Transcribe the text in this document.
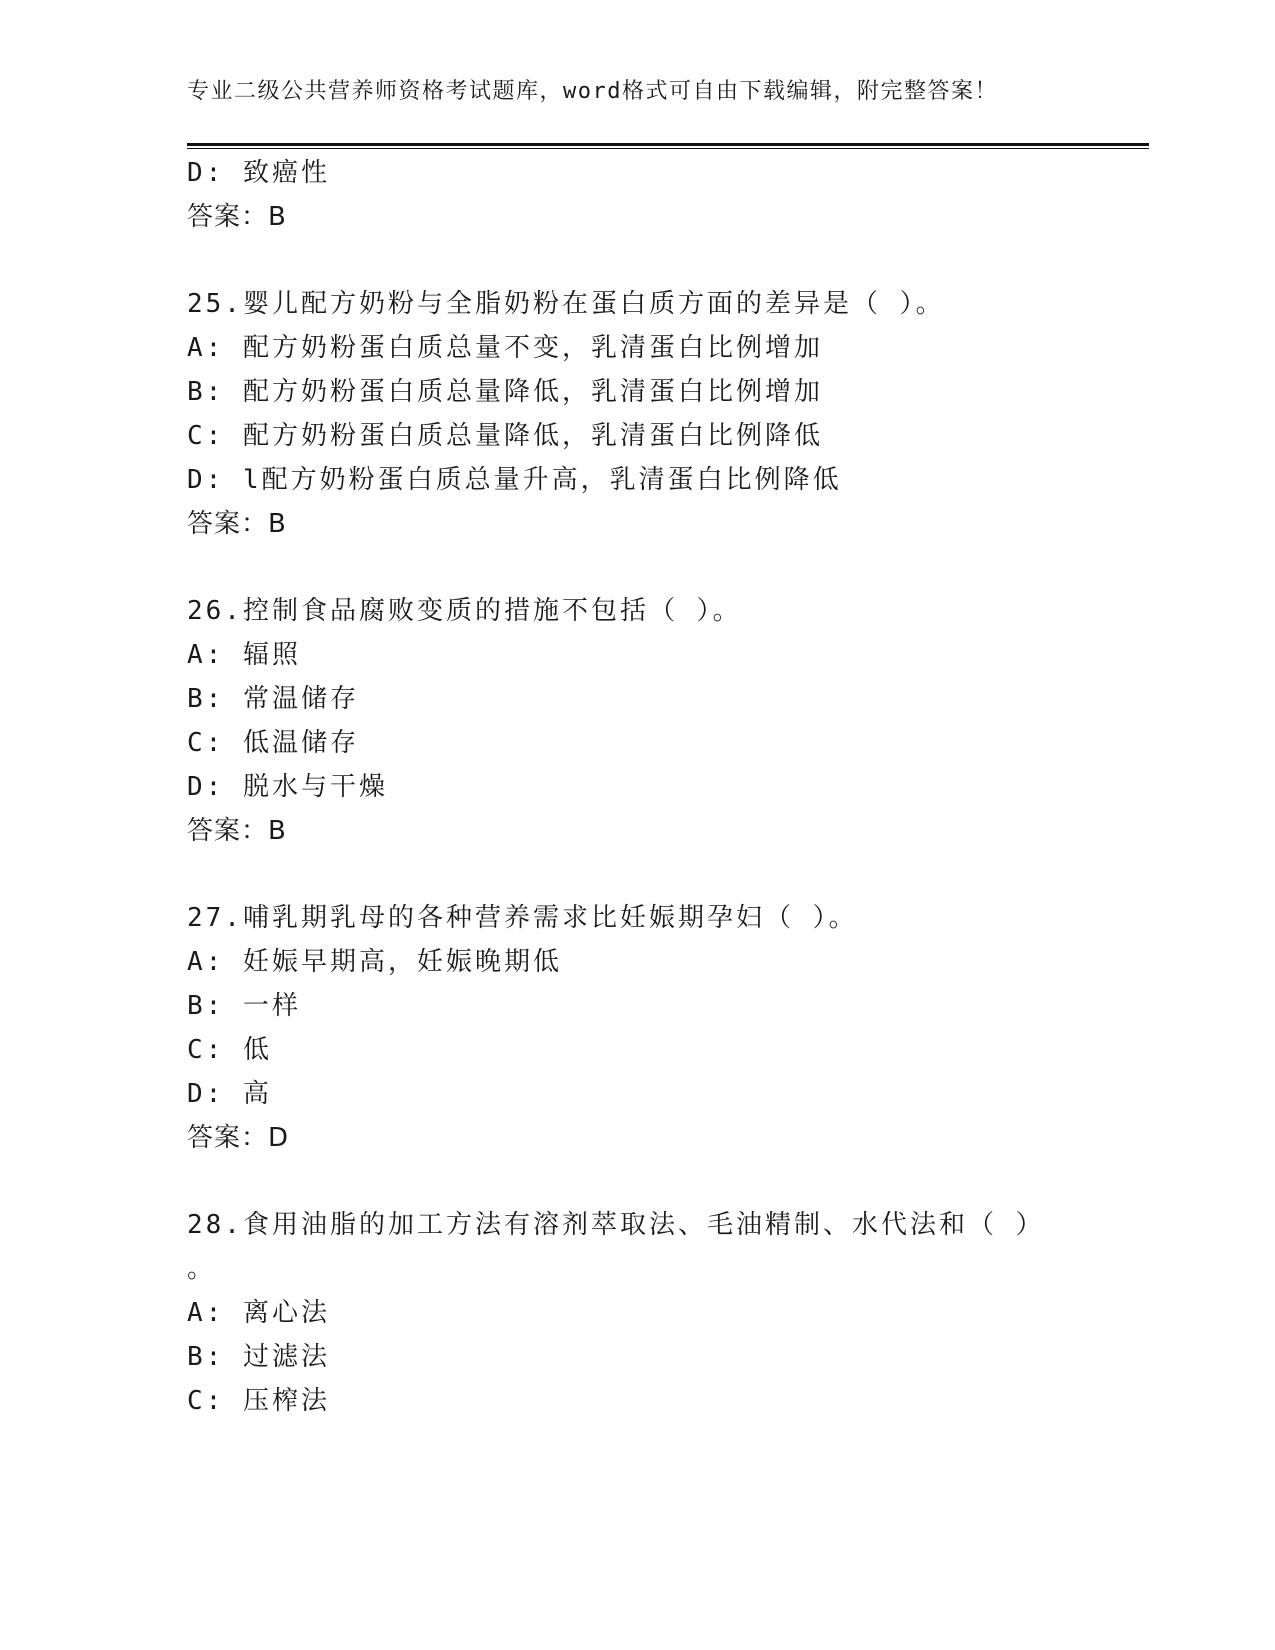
专业二级公共营养师资格考试题库，word格式可自由下载编辑，附完整答案！
D: 致癌性
答案：B
25.婴儿配方奶粉与全脂奶粉在蛋白质方面的差异是（ ）。
A: 配方奶粉蛋白质总量不变，乳清蛋白比例增加
B: 配方奶粉蛋白质总量降低，乳清蛋白比例增加
C: 配方奶粉蛋白质总量降低，乳清蛋白比例降低
D: l配方奶粉蛋白质总量升高，乳清蛋白比例降低
答案：B
26.控制食品腐败变质的措施不包括（ ）。
A: 辐照
B: 常温储存
C: 低温储存
D: 脱水与干燥
答案：B
27.哺乳期乳母的各种营养需求比妊娠期孕妇（ ）。
A: 妊娠早期高，妊娠晚期低
B: 一样
C: 低
D: 高
答案：D
28.食用油脂的加工方法有溶剂萃取法、毛油精制、水代法和（ ）
。
A: 离心法
B: 过滤法
C: 压榨法
